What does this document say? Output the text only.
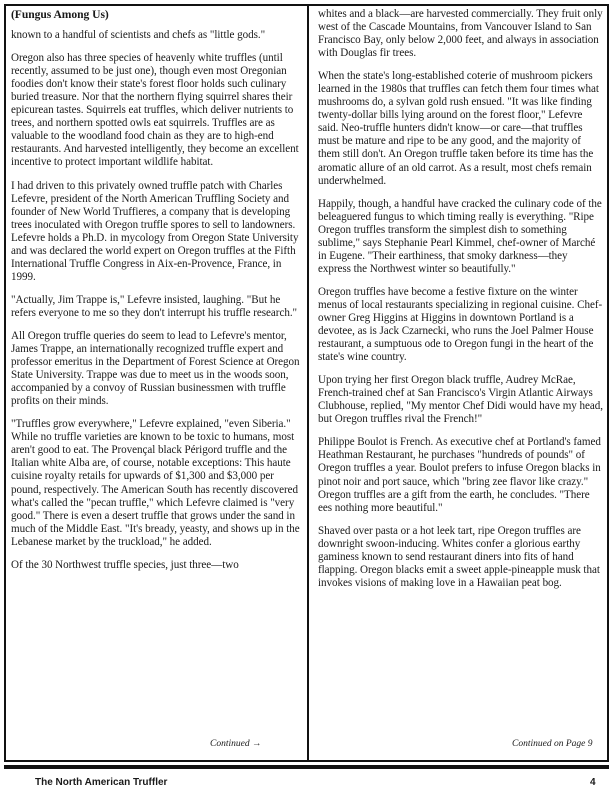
(Fungus Among Us)

known to a handful of scientists and chefs as "little gods."

Oregon also has three species of heavenly white truffles (until recently, assumed to be just one), though even most Oregonian foodies don't know their state's forest floor holds such culinary buried treasure. Nor that the northern flying squirrel shares their epicurean tastes. Squirrels eat truffles, which deliver nutrients to trees, and northern spotted owls eat squirrels. Truffles are as valuable to the woodland food chain as they are to high-end restaurants. And harvested intelligently, they become an excellent incentive to protect important wildlife habitat.

I had driven to this privately owned truffle patch with Charles Lefevre, president of the North American Truffling Society and founder of New World Truffieres, a company that is developing trees inoculated with Oregon truffle spores to sell to landowners. Lefevre holds a Ph.D. in mycology from Oregon State University and was declared the world expert on Oregon truffles at the Fifth International Truffle Congress in Aix-en-Provence, France, in 1999.

"Actually, Jim Trappe is," Lefevre insisted, laughing. "But he refers everyone to me so they don't interrupt his truffle research."

All Oregon truffle queries do seem to lead to Lefevre's mentor, James Trappe, an internationally recognized truffle expert and professor emeritus in the Department of Forest Science at Oregon State University. Trappe was due to meet us in the woods soon, accompanied by a convoy of Russian businessmen with truffle profits on their minds.

"Truffles grow everywhere," Lefevre explained, "even Siberia." While no truffle varieties are known to be toxic to humans, most aren't good to eat. The Provençal black Périgord truffle and the Italian white Alba are, of course, notable exceptions: This haute cuisine royalty retails for upwards of $1,300 and $3,000 per pound, respectively. The American South has recently discovered what's called the "pecan truffle," which Lefevre claimed is "very good." There is even a desert truffle that grows under the sand in much of the Middle East. "It's bready, yeasty, and shows up in the Lebanese market by the truckload," he added.

Of the 30 Northwest truffle species, just three—two

Continued →

whites and a black—are harvested commercially. They fruit only west of the Cascade Mountains, from Vancouver Island to San Francisco Bay, only below 2,000 feet, and always in association with Douglas fir trees.

When the state's long-established coterie of mushroom pickers learned in the 1980s that truffles can fetch them four times what mushrooms do, a sylvan gold rush ensued. "It was like finding twenty-dollar bills lying around on the forest floor," Lefevre said. Neo-truffle hunters didn't know—or care—that truffles must be mature and ripe to be any good, and the majority of them still don't. An Oregon truffle taken before its time has the aromatic allure of an old carrot. As a result, most chefs remain underwhelmed.

Happily, though, a handful have cracked the culinary code of the beleaguered fungus to which timing really is everything. "Ripe Oregon truffles transform the simplest dish to something sublime," says Stephanie Pearl Kimmel, chef-owner of Marché in Eugene. "Their earthiness, that smoky darkness—they express the Northwest winter so beautifully."

Oregon truffles have become a festive fixture on the winter menus of local restaurants specializing in regional cuisine. Chef-owner Greg Higgins at Higgins in downtown Portland is a devotee, as is Jack Czarnecki, who runs the Joel Palmer House restaurant, a sumptuous ode to Oregon fungi in the heart of the state's wine country.

Upon trying her first Oregon black truffle, Audrey McRae, French-trained chef at San Francisco's Virgin Atlantic Airways Clubhouse, replied, "My mentor Chef Didi would have my head, but Oregon truffles rival the French!"

Philippe Boulot is French. As executive chef at Portland's famed Heathman Restaurant, he purchases "hundreds of pounds" of Oregon truffles a year. Boulot prefers to infuse Oregon blacks in pinot noir and port sauce, which "bring zee flavor like crazy." Oregon truffles are a gift from the earth, he concludes. "There ees nothing more beautiful."

Shaved over pasta or a hot leek tart, ripe Oregon truffles are downright swoon-inducing. Whites confer a glorious earthy gaminess known to send restaurant diners into fits of hand flapping. Oregon blacks emit a sweet apple-pineapple musk that invokes visions of making love in a Hawaiian peat bog.

Continued on Page 9
The North American Truffler	4
